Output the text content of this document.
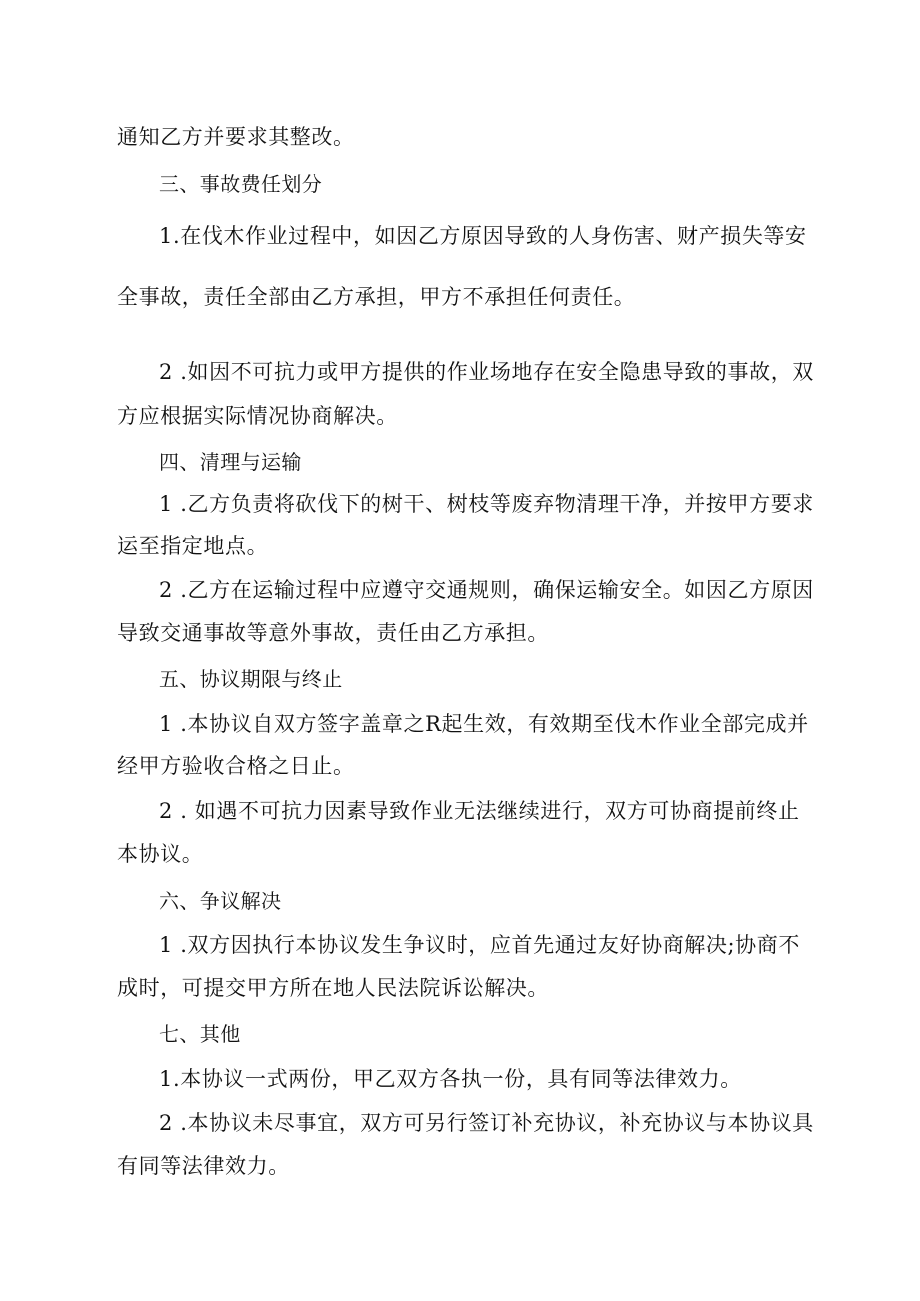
通知乙方并要求其整改。
三、事故费任划分
1.在伐木作业过程中，如因乙方原因导致的人身伤害、财产损失等安
全事故，责任全部由乙方承担，甲方不承担任何责任。
2 .如因不可抗力或甲方提供的作业场地存在安全隐患导致的事故，双
方应根据实际情况协商解决。
四、清理与运输
1 .乙方负责将砍伐下的树干、树枝等废弃物清理干净，并按甲方要求
运至指定地点。
2 .乙方在运输过程中应遵守交通规则，确保运输安全。如因乙方原因
导致交通事故等意外事故，责任由乙方承担。
五、协议期限与终止
1 .本协议自双方签字盖章之R起生效，有效期至伐木作业全部完成并
经甲方验收合格之日止。
2 . 如遇不可抗力因素导致作业无法继续进行，双方可协商提前终止
本协议。
六、争议解决
1 .双方因执行本协议发生争议时，应首先通过友好协商解决;协商不
成时，可提交甲方所在地人民法院诉讼解决。
七、其他
1.本协议一式两份，甲乙双方各执一份，具有同等法律效力。
2 .本协议未尽事宜，双方可另行签订补充协议，补充协议与本协议具
有同等法律效力。
